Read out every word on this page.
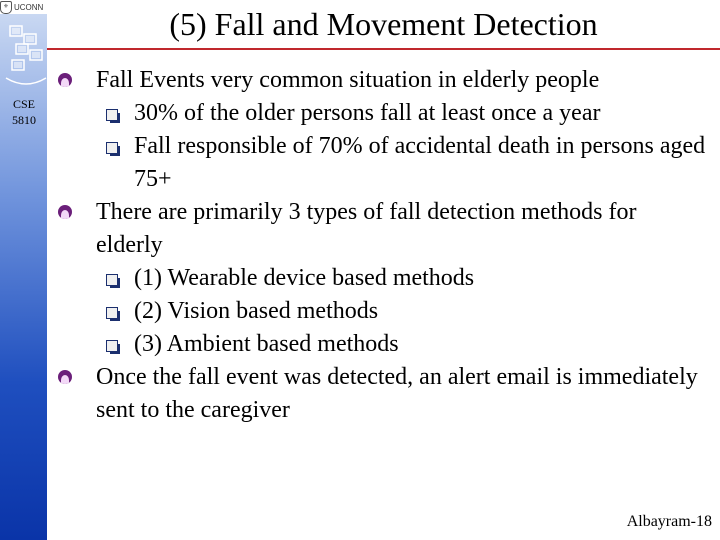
⚜ UCONN
CSE 5810
(5) Fall and Movement Detection
Fall Events very common situation in elderly people
30% of the older persons fall at least once a year
Fall responsible of 70% of accidental death in persons aged 75+
There are primarily 3 types of fall detection methods for elderly
(1) Wearable device based methods
(2) Vision based methods
(3) Ambient based methods
Once the fall event was detected, an alert email is immediately sent to the caregiver
Albayram-18
